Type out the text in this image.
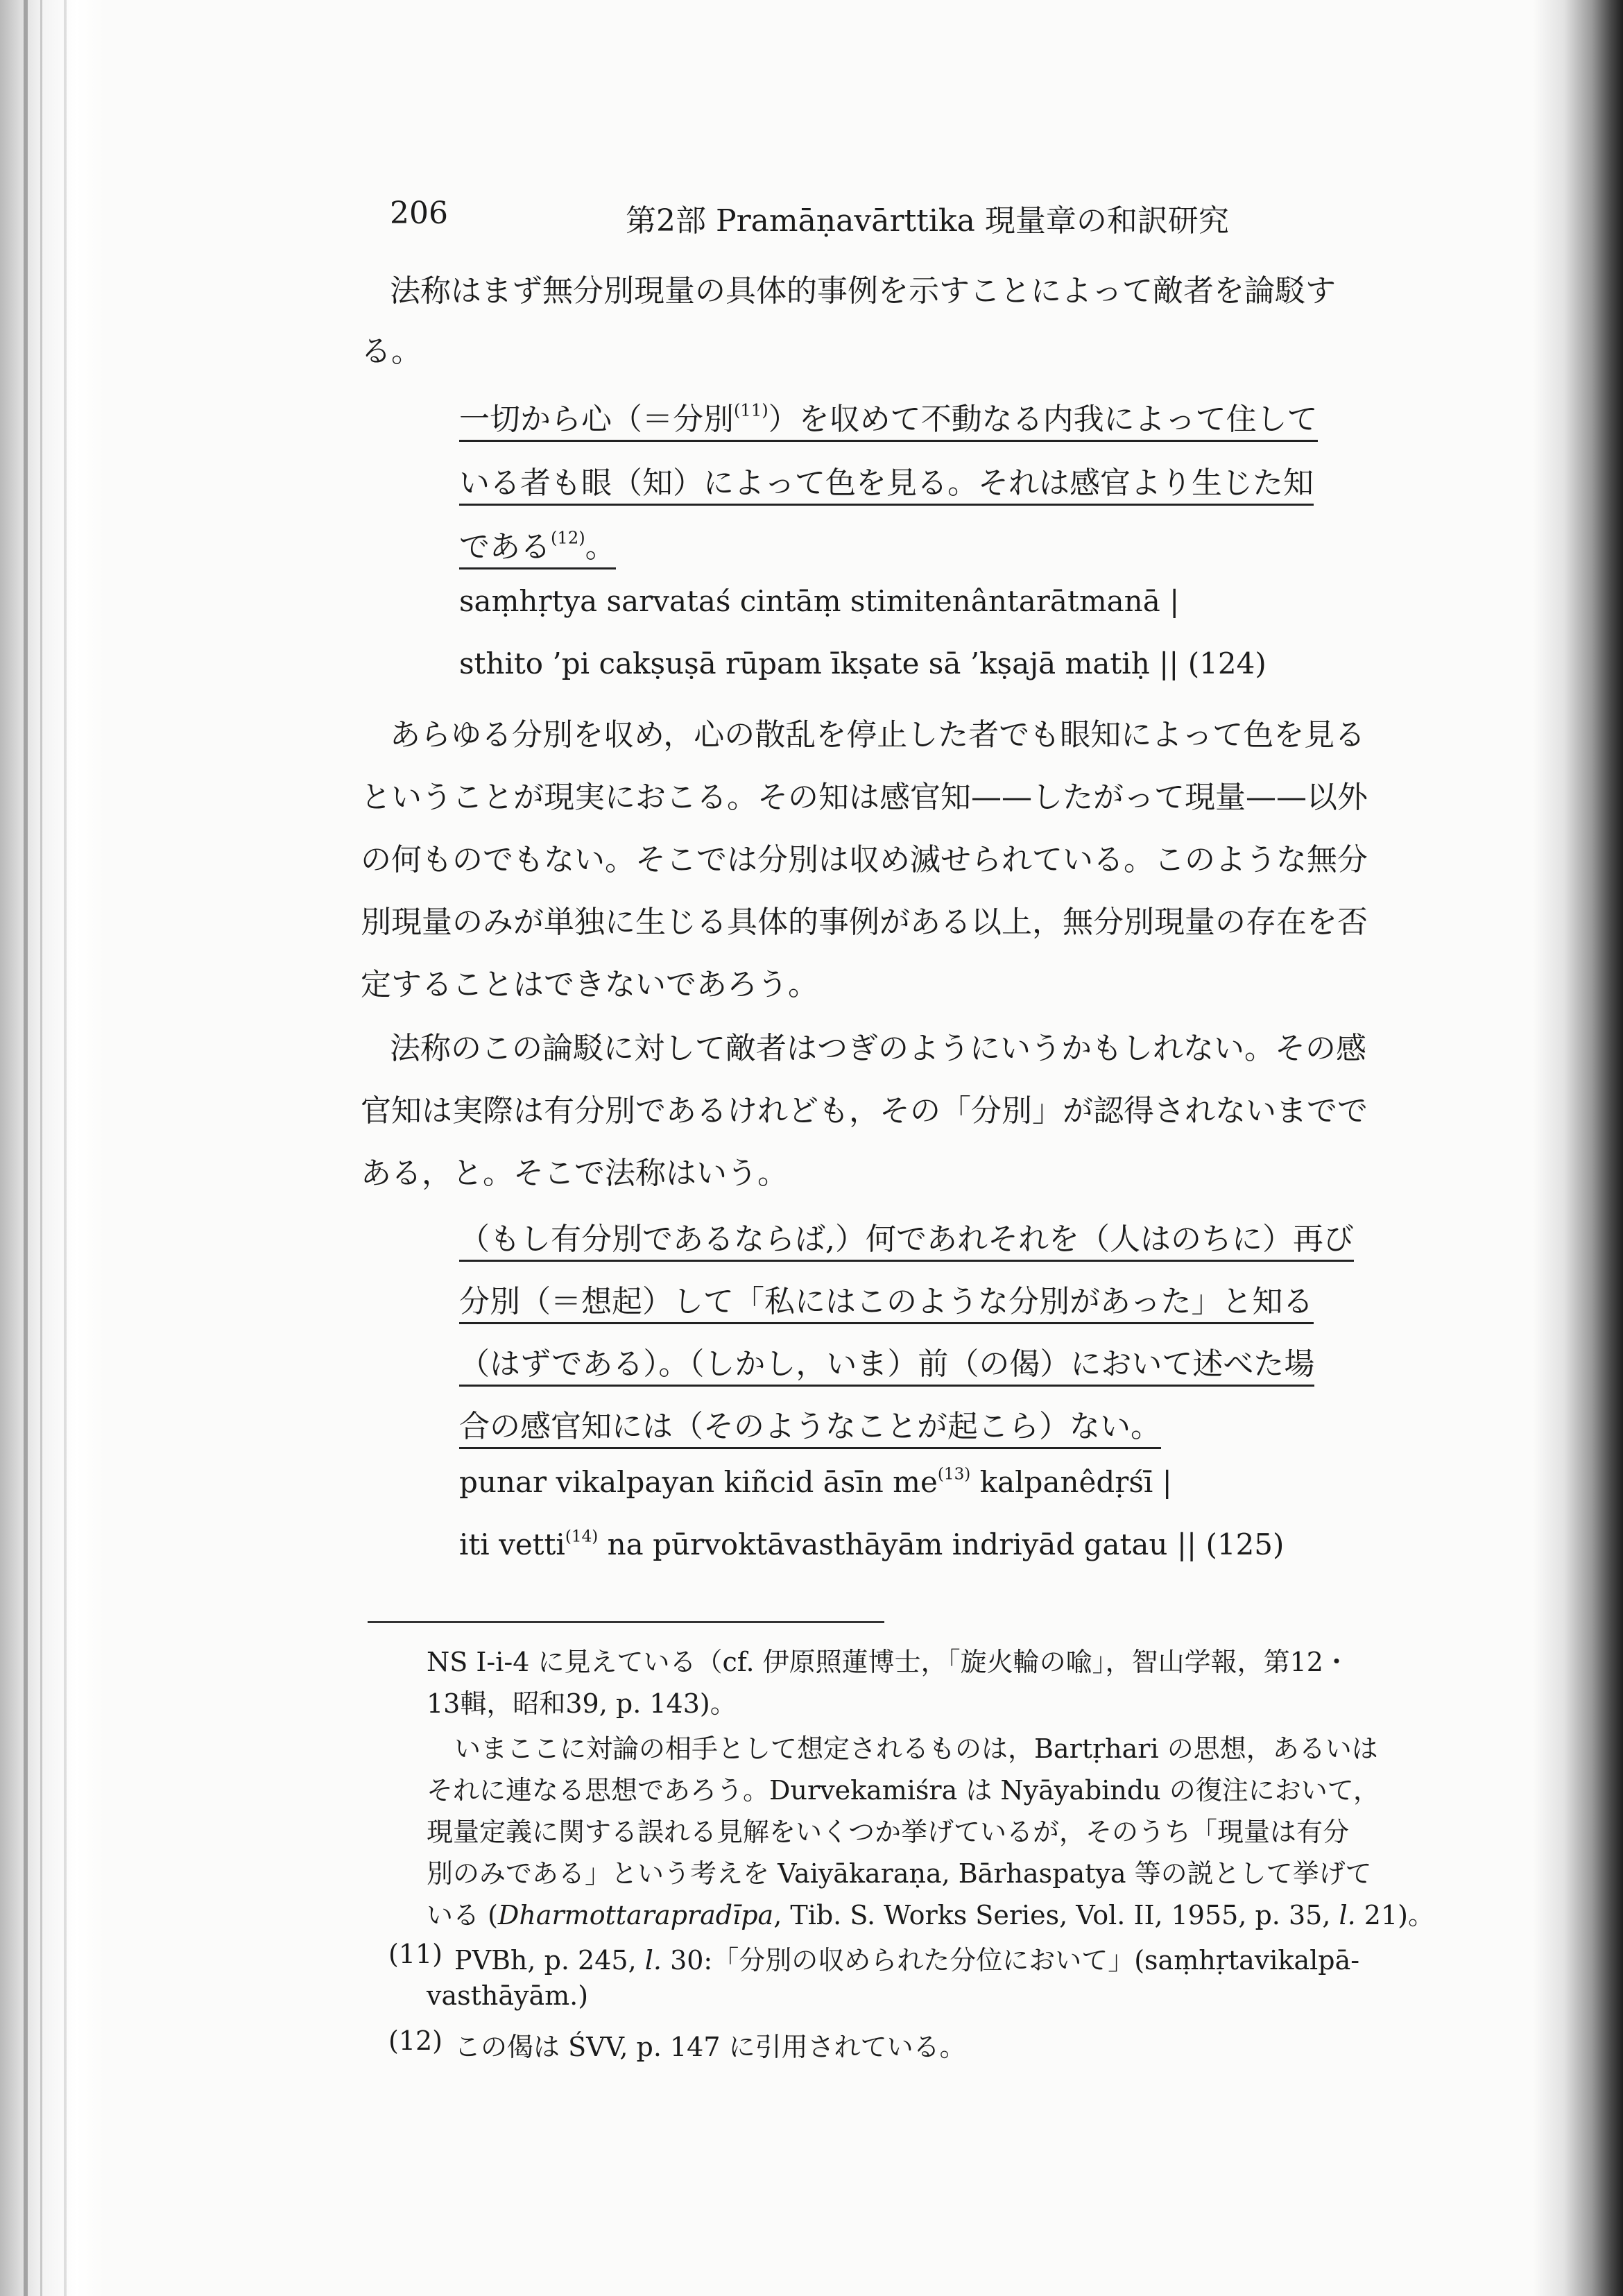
206	第2部 Pramāṇavārttika 現量章の和訳研究
法称はまず無分別現量の具体的事例を示すことによって敵者を論駁す
る。
一切から心（＝分別$^{(11)}$）を収めて不動なる内我によって住して
いる者も眼（知）によって色を見る。それは感官より生じた知
である$^{(12)}$。
saṃhṛtya sarvataś cintāṃ stimitenântarātmanā |
sthito ’pi cakṣuṣā rūpam īkṣate sā ’kṣajā matiḥ || (124)
あらゆる分別を収め，心の散乱を停止した者でも眼知によって色を見る
ということが現実におこる。その知は感官知——したがって現量——以外
の何ものでもない。そこでは分別は収め滅せられている。このような無分
別現量のみが単独に生じる具体的事例がある以上，無分別現量の存在を否
定することはできないであろう。
法称のこの論駁に対して敵者はつぎのようにいうかもしれない。その感
官知は実際は有分別であるけれども，その「分別」が認得されないまでで
ある，と。そこで法称はいう。
（もし有分別であるならば,）何であれそれを（人はのちに）再び
分別（＝想起）して「私にはこのような分別があった」と知る
（はずである）。（しかし，いま）前（の偈）において述べた場
合の感官知には（そのようなことが起こら）ない。
punar vikalpayan kiñcid āsīn $me^{(13)}$ kalpanêdṛśī |
iti vetti$^{(14)}$ na pūrvoktāvasthāyām indriyād gatau || (125)
NS I-i-4 に見えている（cf. 伊原照蓮博士，「旋火輪の喩」，智山学報，第12・
13輯，昭和39, p. 143)。
いまここに対論の相手として想定されるものは，Bartṛhari の思想，あるいは
それに連なる思想であろう。Durvekamiśra は Nyāyabindu の復注において，
現量定義に関する誤れる見解をいくつか挙げているが，そのうち「現量は有分
別のみである」という考えを Vaiyākaraṇa, Bārhaspatya 等の説として挙げて
いる (Dharmottarapradīpa, Tib. S. Works Series, Vol. II, 1955, p. 35, l. 21)。
(11) PVBh, p. 245, l. 30:「分別の収められた分位において」(saṃhṛtavikalpā-
vasthāyām.)
(12) この偈は ŚVV, p. 147 に引用されている。
